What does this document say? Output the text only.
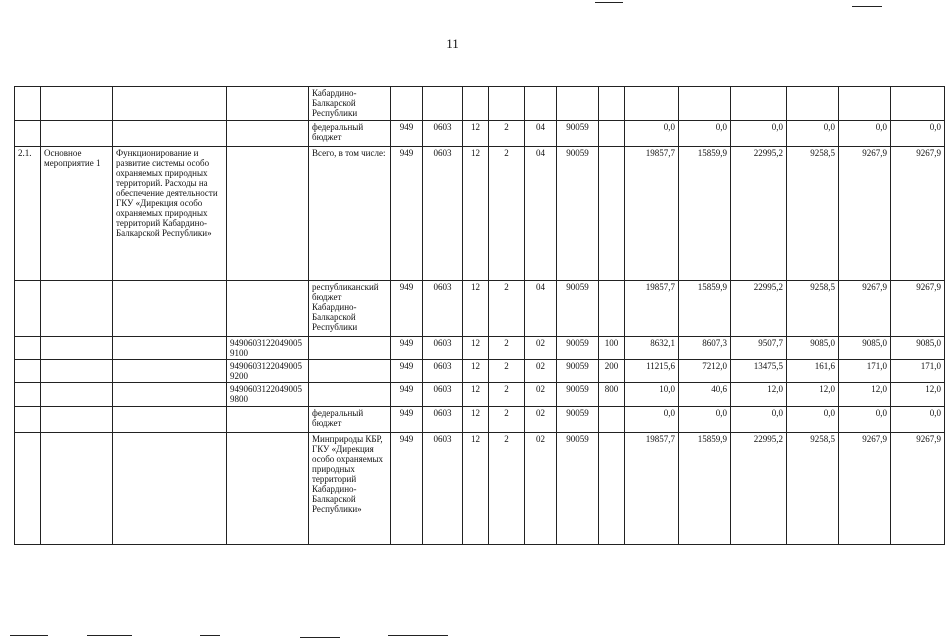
11
				Кабардино-Балкарской Республики													
				федеральный бюджет	949	0603	12	2	04	90059		0,0	0,0	0,0	0,0	0,0	0,0
2.1.	Основное мероприятие 1	Функционирование и развитие системы особо охраняемых природных территорий. Расходы на обеспечение деятельности ГКУ «Дирекция особо охраняемых природных территорий Кабардино-Балкарской Республики»		Всего, в том числе:	949	0603	12	2	04	90059		19857,7	15859,9	22995,2	9258,5	9267,9	9267,9
				республиканский бюджет Кабардино-Балкарской Республики	949	0603	12	2	04	90059		19857,7	15859,9	22995,2	9258,5	9267,9	9267,9
			94906031220490059100		949	0603	12	2	02	90059	100	8632,1	8607,3	9507,7	9085,0	9085,0	9085,0
			94906031220490059200		949	0603	12	2	02	90059	200	11215,6	7212,0	13475,5	161,6	171,0	171,0
			94906031220490059800		949	0603	12	2	02	90059	800	10,0	40,6	12,0	12,0	12,0	12,0
				федеральный бюджет	949	0603	12	2	02	90059		0,0	0,0	0,0	0,0	0,0	0,0
				Минприроды КБР, ГКУ «Дирекция особо охраняемых природных территорий Кабардино-Балкарской Республики»	949	0603	12	2	02	90059		19857,7	15859,9	22995,2	9258,5	9267,9	9267,9
